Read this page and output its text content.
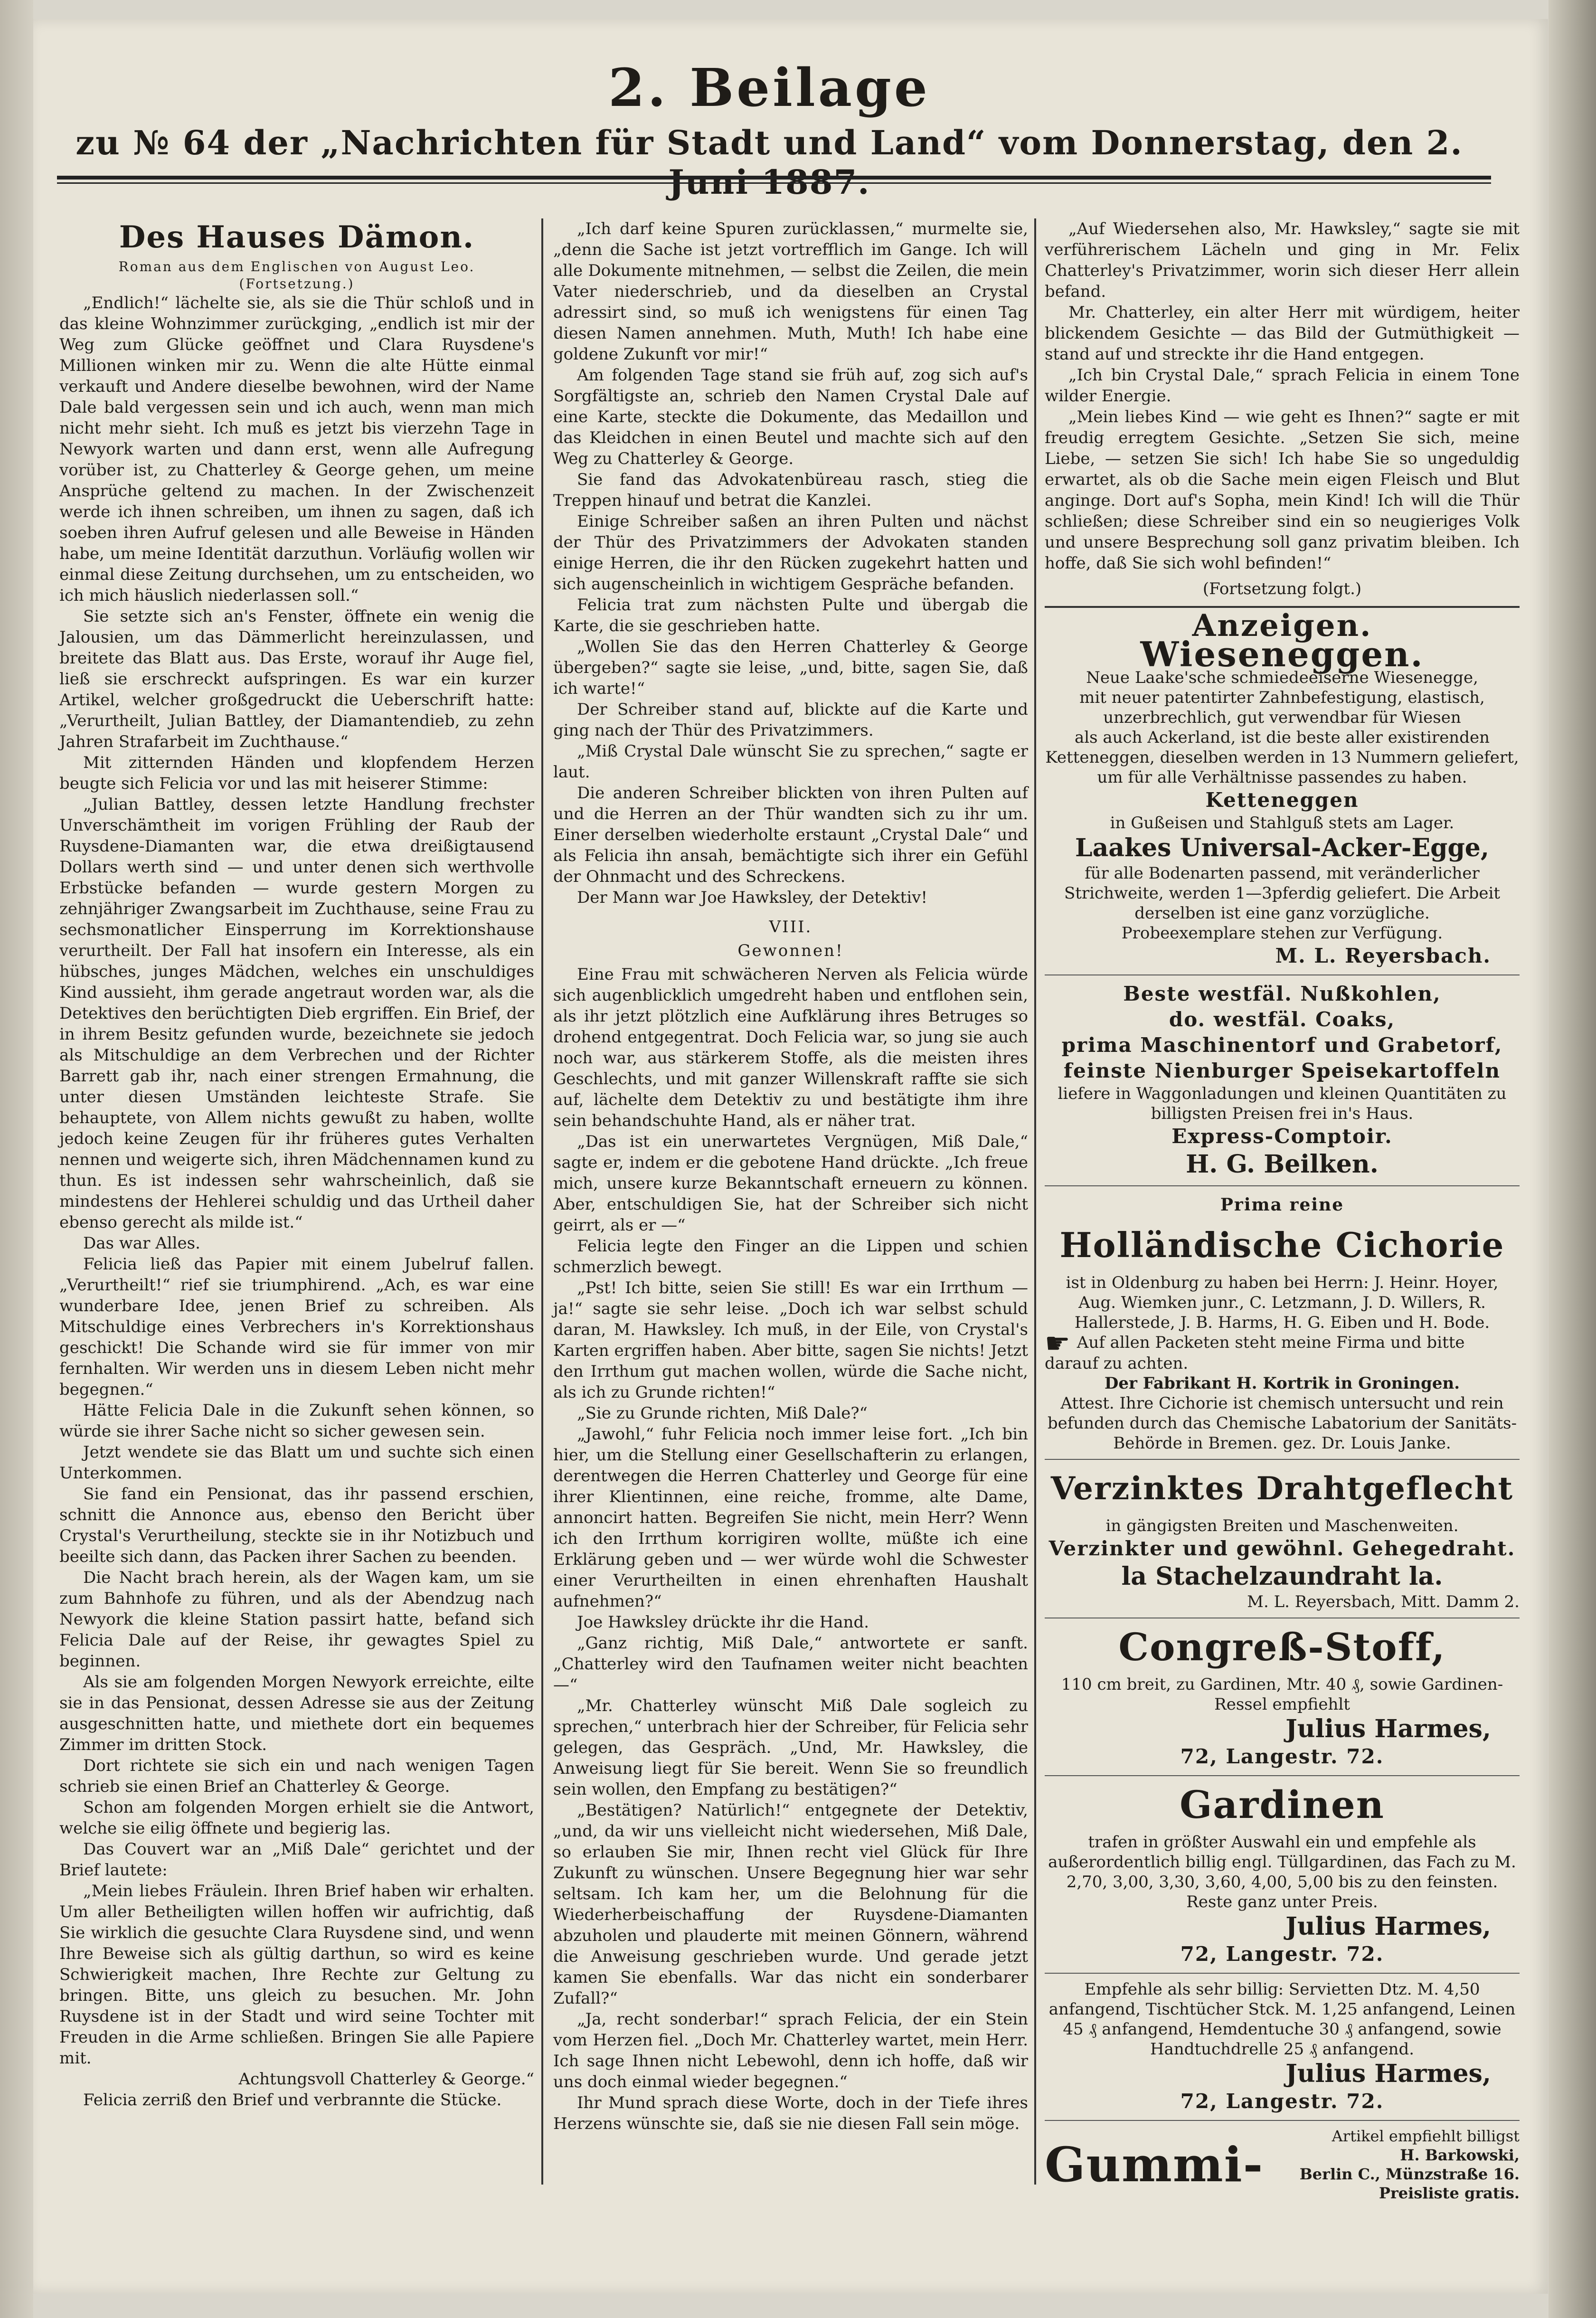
2. Beilage
zu № 64 der „Nachrichten für Stadt und Land“ vom Donnerstag, den 2.
Des Hauses Dämon.
Roman aus dem Englischen von August Leo.
(Fortsetzung.)

„Endlich!“ lächelte sie, als sie die Thür schloß und in das kleine Wohnzimmer zurückging, „endlich ist mir der Weg zum Glücke geöffnet und Clara Ruysdene's Millionen winken mir zu. Wenn die alte Hütte einmal verkauft und Andere dieselbe bewohnen, wird der Name Dale bald vergessen sein und ich auch, wenn man mich nicht mehr sieht. Ich muß es jetzt bis vierzehn Tage in Newyork warten und dann erst, wenn alle Aufregung vorüber ist, zu Chatterley & George gehen, um meine Ansprüche geltend zu machen. In der Zwischenzeit werde ich ihnen schreiben, um ihnen zu sagen, daß ich soeben ihren Aufruf gelesen und alle Beweise in Händen habe, um meine Identität darzuthun. Vorläufig wollen wir einmal diese Zeitung durchsehen, um zu entscheiden, wo ich mich häuslich niederlassen soll.“

Sie setzte sich an's Fenster, öffnete ein wenig die Jalousien, um das Dämmerlicht hereinzulassen, und breitete das Blatt aus. Das Erste, worauf ihr Auge fiel, ließ sie erschreckt aufspringen. Es war ein kurzer Artikel, welcher großgedruckt die Ueberschrift hatte: „Verurtheilt, Julian Battley, der Diamantendieb, zu zehn Jahren Strafarbeit im Zuchthause.“

Mit zitternden Händen und klopfendem Herzen beugte sich Felicia vor und las mit heiserer Stimme:

„Julian Battley, dessen letzte Handlung frechster Unverschämtheit im vorigen Frühling der Raub der Ruysdene-Diamanten war, die etwa dreißigtausend Dollars werth sind — und unter denen sich werthvolle Erbstücke befanden — wurde gestern Morgen zu zehnjähriger Zwangsarbeit im Zuchthause, seine Frau zu sechsmonatlicher Einsperrung im Korrektionshause verurtheilt. Der Fall hat insofern ein Interesse, als ein hübsches, junges Mädchen, welches ein unschuldiges Kind aussieht, ihm gerade angetraut worden war, als die Detektives den berüchtigten Dieb ergriffen. Ein Brief, der in ihrem Besitz gefunden wurde, bezeichnete sie jedoch als Mitschuldige an dem Verbrechen und der Richter Barrett gab ihr, nach einer strengen Ermahnung, die unter diesen Umständen leichteste Strafe. Sie behauptete, von Allem nichts gewußt zu haben, wollte jedoch keine Zeugen für ihr früheres gutes Verhalten nennen und weigerte sich, ihren Mädchennamen kund zu thun. Es ist indessen sehr wahrscheinlich, daß sie mindestens der Hehlerei schuldig und das Urtheil daher ebenso gerecht als milde ist.“

Das war Alles.

Felicia ließ das Papier mit einem Jubelruf fallen. „Verurtheilt!“ rief sie triumphirend. „Ach, es war eine wunderbare Idee, jenen Brief zu schreiben. Als Mitschuldige eines Verbrechers in's Korrektionshaus geschickt! Die Schande wird sie für immer von mir fernhalten. Wir werden uns in diesem Leben nicht mehr begegnen.“

Hätte Felicia Dale in die Zukunft sehen können, so würde sie ihrer Sache nicht so sicher gewesen sein.

Jetzt wendete sie das Blatt um und suchte sich einen Unterkommen.

Sie fand ein Pensionat, das ihr passend erschien, schnitt die Annonce aus, ebenso den Bericht über Crystal's Verurtheilung, steckte sie in ihr Notizbuch und beeilte sich dann, das Packen ihrer Sachen zu beenden.

Die Nacht brach herein, als der Wagen kam, um sie zum Bahnhofe zu führen, und als der Abendzug nach Newyork die kleine Station passirt hatte, befand sich Felicia Dale auf der Reise, ihr gewagtes Spiel zu beginnen.

Als sie am folgenden Morgen Newyork erreichte, eilte sie in das Pensionat, dessen Adresse sie aus der Zeitung ausgeschnitten hatte, und miethete dort ein bequemes Zimmer im dritten Stock.

Dort richtete sie sich ein und nach wenigen Tagen schrieb sie einen Brief an Chatterley & George.

Schon am folgenden Morgen erhielt sie die Antwort, welche sie eilig öffnete und begierig las.

Das Couvert war an „Miß Dale“ gerichtet und der Brief lautete:

„Mein liebes Fräulein. Ihren Brief haben wir erhalten. Um aller Betheiligten willen hoffen wir aufrichtig, daß Sie wirklich die gesuchte Clara Ruysdene sind, und wenn Ihre Beweise sich als gültig darthun, so wird es keine Schwierigkeit machen, Ihre Rechte zur Geltung zu bringen. Bitte, uns gleich zu besuchen. Mr. John Ruysdene ist in der Stadt und wird seine Tochter mit Freuden in die Arme schließen. Bringen Sie alle Papiere mit.

Achtungsvoll Chatterley & George.“

Felicia zerriß den Brief und verbrannte die Stücke.

„Ich darf keine Spuren zurücklassen,“ murmelte sie, „denn die Sache ist jetzt vortrefflich im Gange. Ich will alle Dokumente mitnehmen, — selbst die Zeilen, die mein Vater niederschrieb, und da dieselben an Crystal adressirt sind, so muß ich wenigstens für einen Tag diesen Namen annehmen. Muth, Muth! Ich habe eine goldene Zukunft vor mir!“

Am folgenden Tage stand sie früh auf, zog sich auf's Sorgfältigste an, schrieb den Namen Crystal Dale auf eine Karte, steckte die Dokumente, das Medaillon und das Kleidchen in einen Beutel und machte sich auf den Weg zu Chatterley & George.

Sie fand das Advokatenbüreau rasch, stieg die Treppen hinauf und betrat die Kanzlei.

Einige Schreiber saßen an ihren Pulten und nächst der Thür des Privatzimmers der Advokaten standen einige Herren, die ihr den Rücken zugekehrt hatten und sich augenscheinlich in wichtigem Gespräche befanden.

Felicia trat zum nächsten Pulte und übergab die Karte, die sie geschrieben hatte.

„Wollen Sie das den Herren Chatterley & George übergeben?“ sagte sie leise, „und, bitte, sagen Sie, daß ich warte!“

Der Schreiber stand auf, blickte auf die Karte und ging nach der Thür des Privatzimmers.

„Miß Crystal Dale wünscht Sie zu sprechen,“ sagte er laut.

Die anderen Schreiber blickten von ihren Pulten auf und die Herren an der Thür wandten sich zu ihr um. Einer derselben wiederholte erstaunt „Crystal Dale“ und als Felicia ihn ansah, bemächtigte sich ihrer ein Gefühl der Ohnmacht und des Schreckens.

Der Mann war Joe Hawksley, der Detektiv!

VIII.
Gewonnen!

Eine Frau mit schwächeren Nerven als Felicia würde sich augenblicklich umgedreht haben und entflohen sein, als ihr jetzt plötzlich eine Aufklärung ihres Betruges so drohend entgegentrat. Doch Felicia war, so jung sie auch noch war, aus stärkerem Stoffe, als die meisten ihres Geschlechts, und mit ganzer Willenskraft raffte sie sich auf, lächelte dem Detektiv zu und bestätigte ihm ihre sein behandschuhte Hand, als er näher trat.

„Das ist ein unerwartetes Vergnügen, Miß Dale,“ sagte er, indem er die gebotene Hand drückte. „Ich freue mich, unsere kurze Bekanntschaft erneuern zu können. Aber, entschuldigen Sie, hat der Schreiber sich nicht geirrt, als er —“

Felicia legte den Finger an die Lippen und schien schmerzlich bewegt.

„Pst! Ich bitte, seien Sie still! Es war ein Irrthum — ja!“ sagte sie sehr leise. „Doch ich war selbst schuld daran, M. Hawksley. Ich muß, in der Eile, von Crystal's Karten ergriffen haben. Aber bitte, sagen Sie nichts! Jetzt den Irrthum gut machen wollen, würde die Sache nicht, als ich zu Grunde richten!“

„Sie zu Grunde richten, Miß Dale?“

„Jawohl,“ fuhr Felicia noch immer leise fort. „Ich bin hier, um die Stellung einer Gesellschafterin zu erlangen, derentwegen die Herren Chatterley und George für eine ihrer Klientinnen, eine reiche, fromme, alte Dame, annoncirt hatten. Begreifen Sie nicht, mein Herr? Wenn ich den Irrthum korrigiren wollte, müßte ich eine Erklärung geben und — wer würde wohl die Schwester einer Verurtheilten in einen ehrenhaften Haushalt aufnehmen?“

Joe Hawksley drückte ihr die Hand.

„Ganz richtig, Miß Dale,“ antwortete er sanft. „Chatterley wird den Taufnamen weiter nicht beachten —“

„Mr. Chatterley wünscht Miß Dale sogleich zu sprechen,“ unterbrach hier der Schreiber, für Felicia sehr gelegen, das Gespräch. „Und, Mr. Hawksley, die Anweisung liegt für Sie bereit. Wenn Sie so freundlich sein wollen, den Empfang zu bestätigen?“

„Bestätigen? Natürlich!“ entgegnete der Detektiv, „und, da wir uns vielleicht nicht wiedersehen, Miß Dale, so erlauben Sie mir, Ihnen recht viel Glück für Ihre Zukunft zu wünschen. Unsere Begegnung hier war sehr seltsam. Ich kam her, um die Belohnung für die Wiederherbeischaffung der Ruysdene-Diamanten abzuholen und plauderte mit meinen Gönnern, während die Anweisung geschrieben wurde. Und gerade jetzt kamen Sie ebenfalls. War das nicht ein sonderbarer Zufall?“

„Ja, recht sonderbar!“ sprach Felicia, der ein Stein vom Herzen fiel. „Doch Mr. Chatterley wartet, mein Herr. Ich sage Ihnen nicht Lebewohl, denn ich hoffe, daß wir uns doch einmal wieder begegnen.“

Ihr Mund sprach diese Worte, doch in der Tiefe ihres Herzens wünschte sie, daß sie nie diesen Fall sein möge.

„Auf Wiedersehen also, Mr. Hawksley,“ sagte sie mit verführerischem Lächeln und ging in Mr. Felix Chatterley's Privatzimmer, worin sich dieser Herr allein befand.

Mr. Chatterley, ein alter Herr mit würdigem, heiter blickendem Gesichte — das Bild der Gutmüthigkeit — stand auf und streckte ihr die Hand entgegen.

„Ich bin Crystal Dale,“ sprach Felicia in einem Tone wilder Energie.

„Mein liebes Kind — wie geht es Ihnen?“ sagte er mit freudig erregtem Gesichte. „Setzen Sie sich, meine Liebe, — setzen Sie sich! Ich habe Sie so ungeduldig erwartet, als ob die Sache mein eigen Fleisch und Blut anginge. Dort auf's Sopha, mein Kind! Ich will die Thür schließen; diese Schreiber sind ein so neugieriges Volk und unsere Besprechung soll ganz privatim bleiben. Ich hoffe, daß Sie sich wohl befinden!“

(Fortsetzung folgt.)
Anzeigen.
Wieseneggen.
Neue Laake'sche schmiedeeiserne Wiesenegge,
mit neuer patentirter Zahnbefestigung, elastisch,
unzerbrechlich, gut verwendbar für Wiesen
als auch Ackerland, ist die beste aller existirenden
Ketteneggen, dieselben werden in 13 Nummern geliefert, um für alle Verhältnisse passendes zu haben.
Ketteneggen
in Gußeisen und Stahlguß stets am Lager.
Laakes Universal-Acker-Egge,
für alle Bodenarten passend, mit veränderlicher Strichweite, werden 1—3pferdig geliefert. Die Arbeit derselben ist eine ganz vorzügliche.
Probeexemplare stehen zur Verfügung.
M. L. Reyersbach.
Beste westfäl. Nußkohlen,
do. westfäl. Coaks,
prima Maschinentorf und Grabetorf,
feinste Nienburger Speisekartoffeln
liefere in Waggonladungen und kleinen Quantitäten zu billigsten Preisen frei in's Haus.
Express-Comptoir.
H. G. Beilken.
Prima reine
Holländische Cichorie
ist in Oldenburg zu haben bei Herrn: J. Heinr. Hoyer, Aug. Wiemken junr., C. Letzmann, J. D. Willers, R. Hallerstede, J. B. Harms, H. G. Eiben und H. Bode.
☛ Auf allen Packeten steht meine Firma und bitte darauf zu achten.
Der Fabrikant H. Kortrik in Groningen.
Attest. Ihre Cichorie ist chemisch untersucht und rein befunden durch das Chemische Labatorium der Sanitäts-Behörde in Bremen. gez. Dr. Louis Janke.
Verzinktes Drahtgeflecht
in gängigsten Breiten und Maschenweiten.
Verzinkter und gewöhnl. Gehegedraht.
la Stachelzaundraht la.
M. L. Reyersbach, Mitt. Damm 2.
Congreß-Stoff,
110 cm breit, zu Gardinen, Mtr. 40 ₰, sowie Gardinen-Ressel empfiehlt
Julius Harmes,
72, Langestr. 72.
Gardinen
trafen in größter Auswahl ein und empfehle als außerordentlich billig engl. Tüllgardinen, das Fach zu M. 2,70, 3,00, 3,30, 3,60, 4,00, 5,00 bis zu den feinsten. Reste ganz unter Preis.
Julius Harmes,
72, Langestr. 72.
Empfehle als sehr billig: Servietten Dtz. M. 4,50 anfangend, Tischtücher Stck. M. 1,25 anfangend, Leinen 45 ₰ anfangend, Hemdentuche 30 ₰ anfangend, sowie Handtuchdrelle 25 ₰ anfangend.
Julius Harmes,
72, Langestr. 72.
Gummi-
Artikel empfiehlt billigst
H. Barkowski,
Berlin C., Münzstraße 16.
Preisliste gratis.
